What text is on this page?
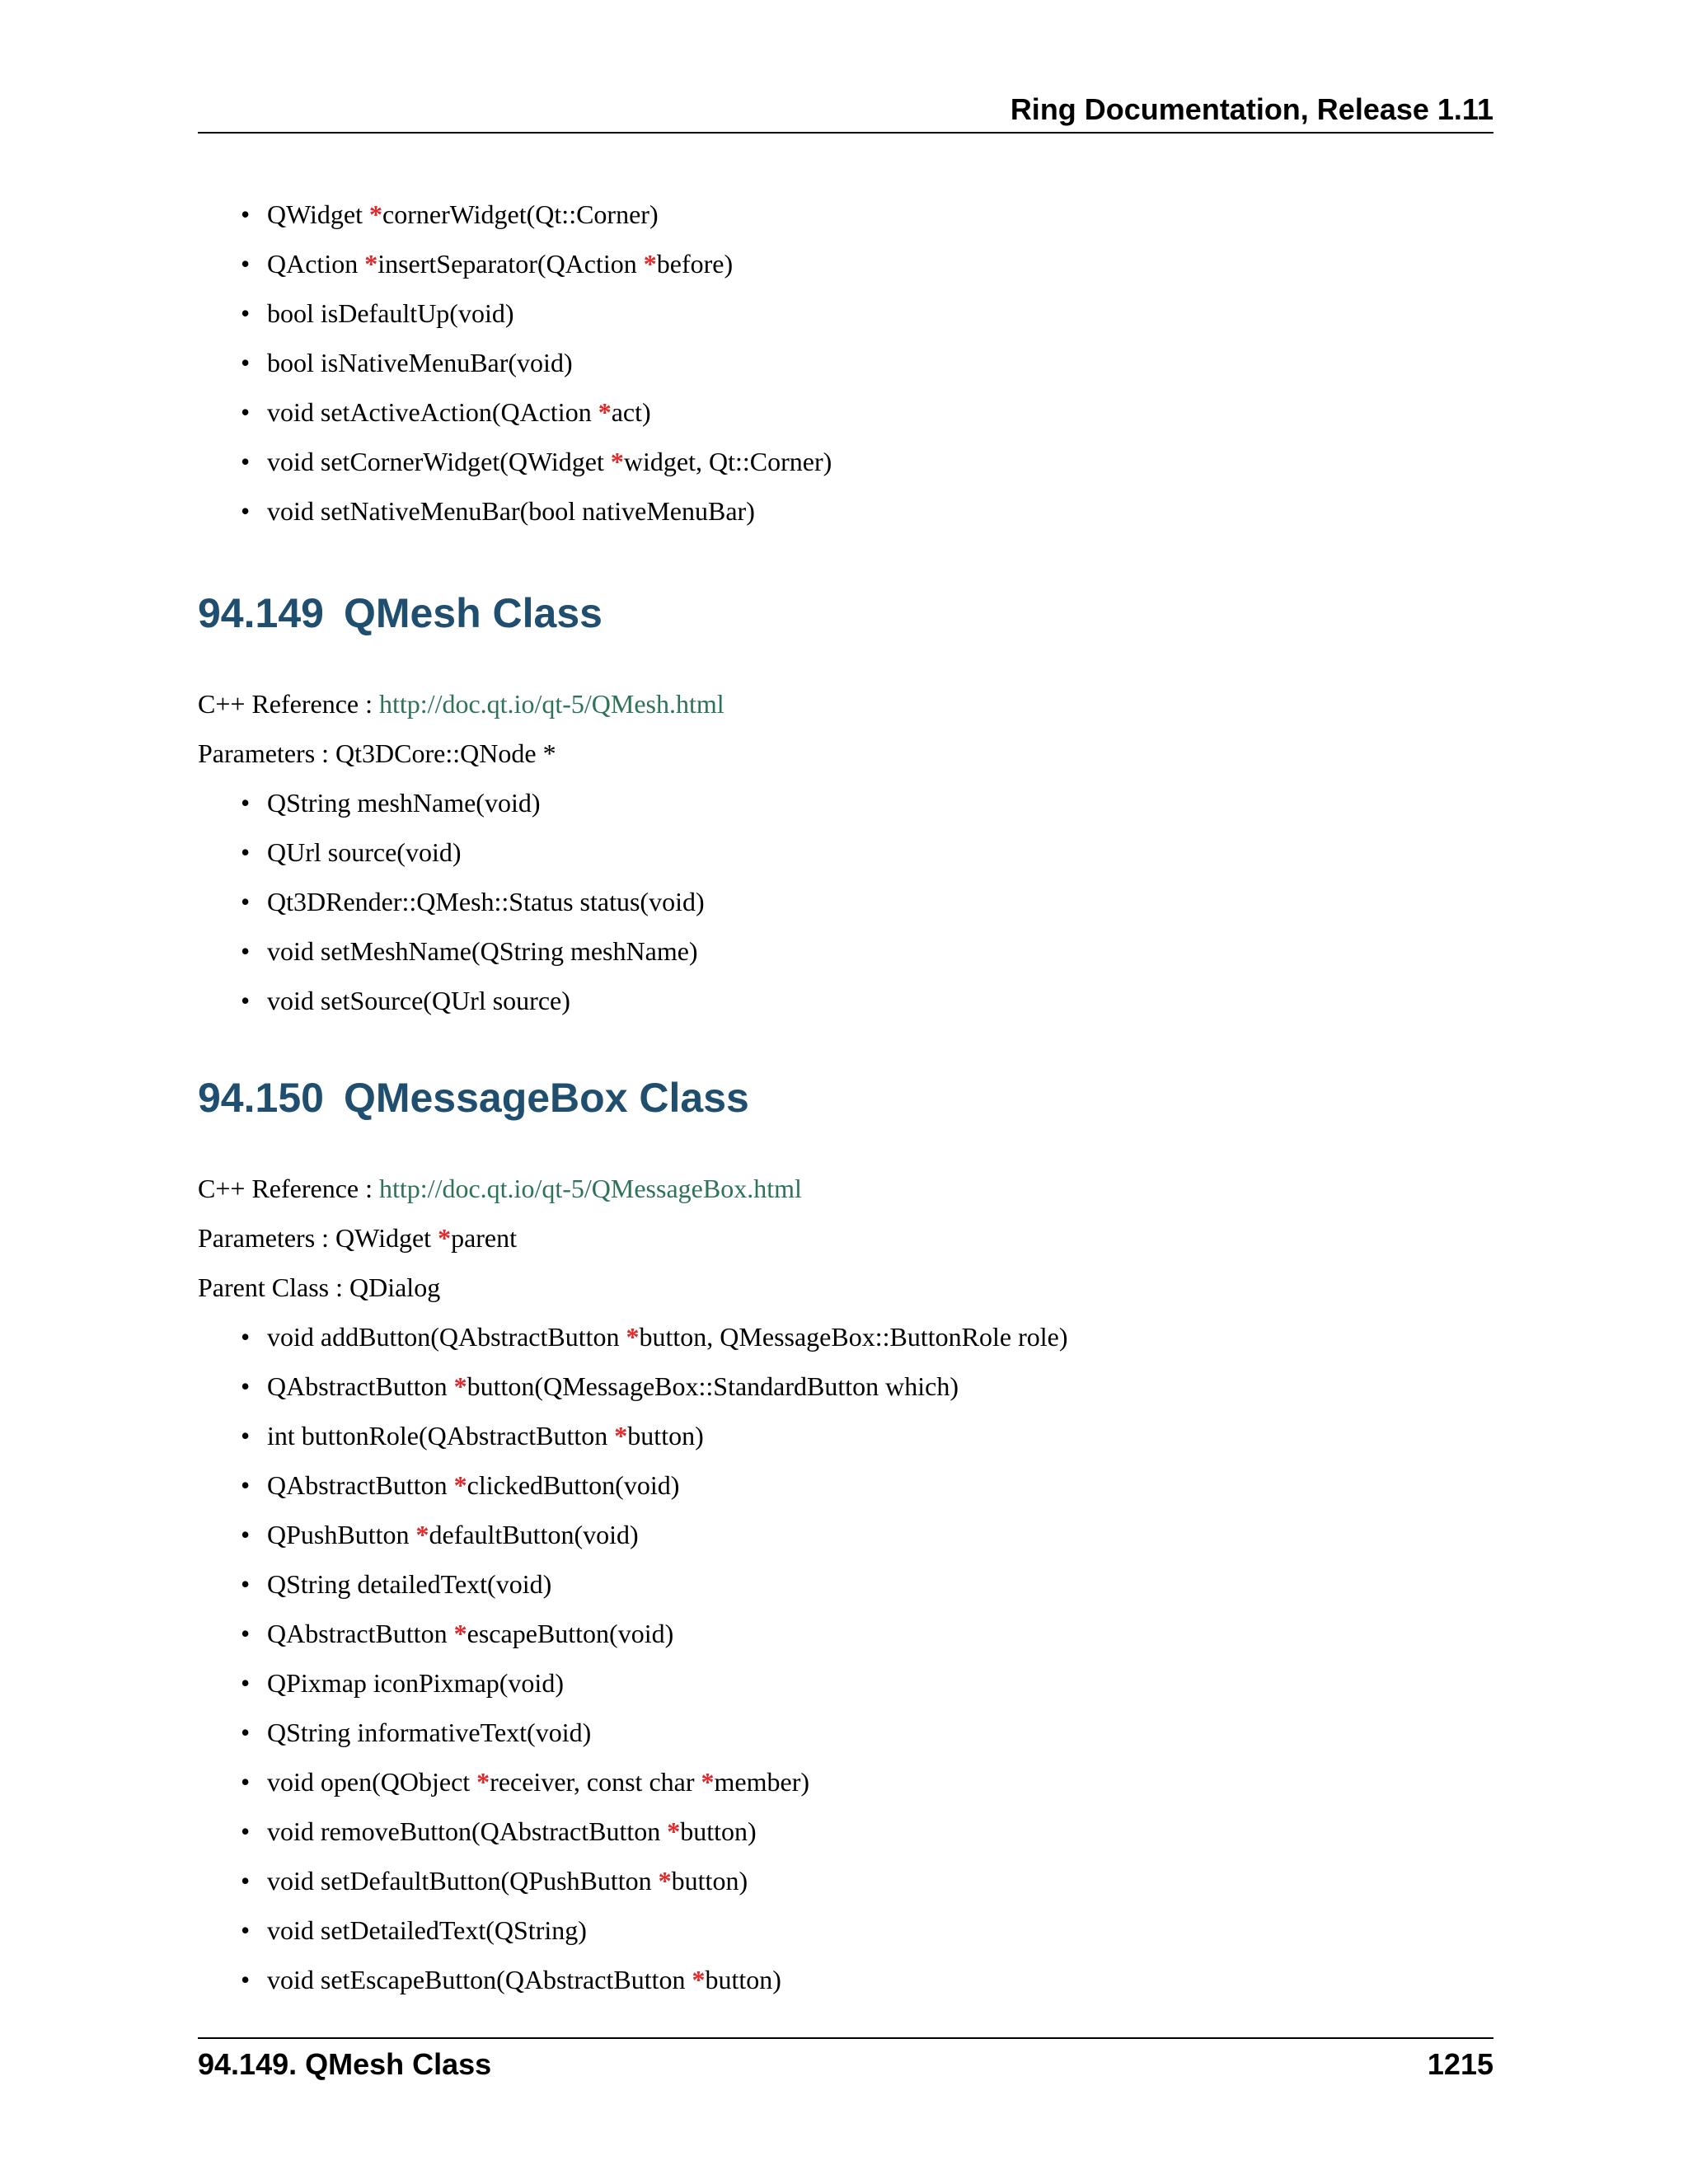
Ring Documentation, Release 1.11
• QWidget *cornerWidget(Qt::Corner)
• QAction *insertSeparator(QAction *before)
• bool isDefaultUp(void)
• bool isNativeMenuBar(void)
• void setActiveAction(QAction *act)
• void setCornerWidget(QWidget *widget, Qt::Corner)
• void setNativeMenuBar(bool nativeMenuBar)
94.149 QMesh Class
C++ Reference : http://doc.qt.io/qt-5/QMesh.html
Parameters : Qt3DCore::QNode *
• QString meshName(void)
• QUrl source(void)
• Qt3DRender::QMesh::Status status(void)
• void setMeshName(QString meshName)
• void setSource(QUrl source)
94.150 QMessageBox Class
C++ Reference : http://doc.qt.io/qt-5/QMessageBox.html
Parameters : QWidget *parent
Parent Class : QDialog
• void addButton(QAbstractButton *button, QMessageBox::ButtonRole role)
• QAbstractButton *button(QMessageBox::StandardButton which)
• int buttonRole(QAbstractButton *button)
• QAbstractButton *clickedButton(void)
• QPushButton *defaultButton(void)
• QString detailedText(void)
• QAbstractButton *escapeButton(void)
• QPixmap iconPixmap(void)
• QString informativeText(void)
• void open(QObject *receiver, const char *member)
• void removeButton(QAbstractButton *button)
• void setDefaultButton(QPushButton *button)
• void setDetailedText(QString)
• void setEscapeButton(QAbstractButton *button)
94.149. QMesh Class	1215
